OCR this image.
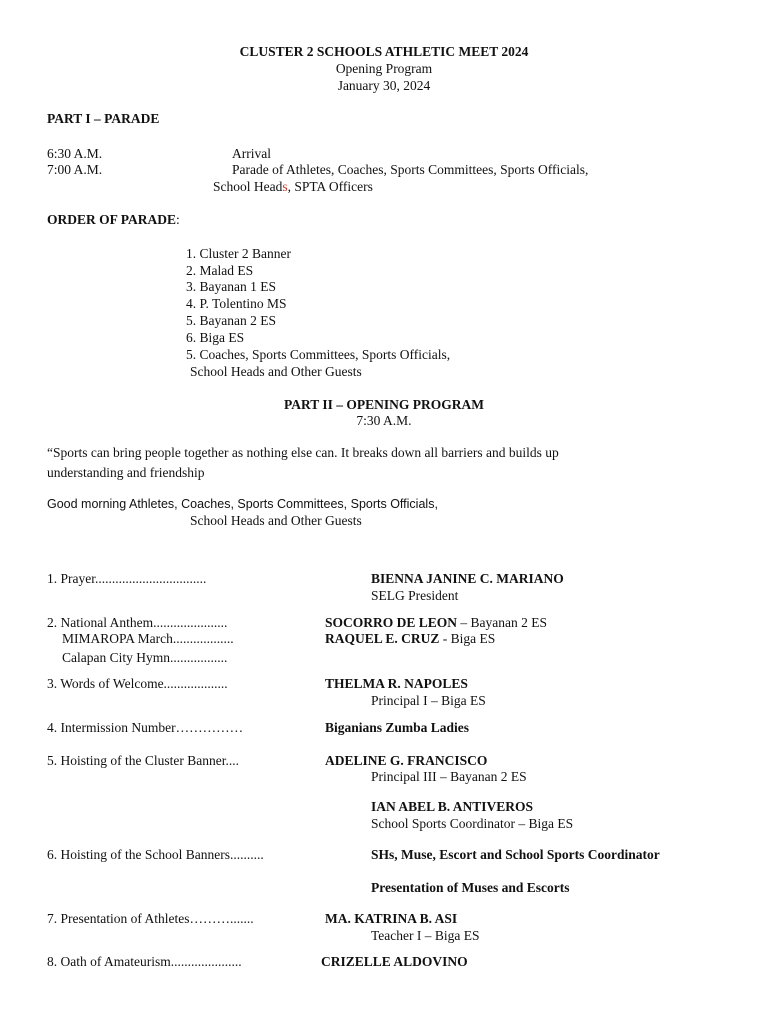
CLUSTER 2 SCHOOLS ATHLETIC MEET 2024
Opening Program
January 30, 2024
PART I – PARADE
6:30 A.M.	Arrival
7:00 A.M.	Parade of Athletes, Coaches, Sports Committees, Sports Officials,
School Heads, SPTA Officers
ORDER OF PARADE:
1. Cluster 2 Banner
2. Malad ES
3. Bayanan 1 ES
4. P. Tolentino MS
5. Bayanan 2 ES
6. Biga ES
5. Coaches, Sports Committees, Sports Officials,
School Heads and Other Guests
PART II – OPENING PROGRAM
7:30 A.M.
“Sports can bring people together as nothing else can. It breaks down all barriers and builds up
understanding and friendship
Good morning Athletes, Coaches, Sports Committees, Sports Officials,
School Heads and Other Guests
1. Prayer.................................	BIENNA JANINE C. MARIANO
SELG President
2. National Anthem......................	SOCORRO DE LEON – Bayanan 2 ES
MIMAROPA March..................	RAQUEL E. CRUZ - Biga ES
Calapan City Hymn.................
3. Words of Welcome...................	THELMA R. NAPOLES
Principal I – Biga ES
4. Intermission Number……………	Biganians Zumba Ladies
5. Hoisting of the Cluster Banner....	ADELINE G. FRANCISCO
Principal III – Bayanan 2 ES
IAN ABEL B. ANTIVEROS
School Sports Coordinator – Biga ES
6. Hoisting of the School Banners..........	SHs, Muse, Escort and School Sports Coordinator
Presentation of Muses and Escorts
7. Presentation of Athletes……….......	MA. KATRINA B. ASI
Teacher I – Biga ES
8. Oath of Amateurism.....................	CRIZELLE ALDOVINO
